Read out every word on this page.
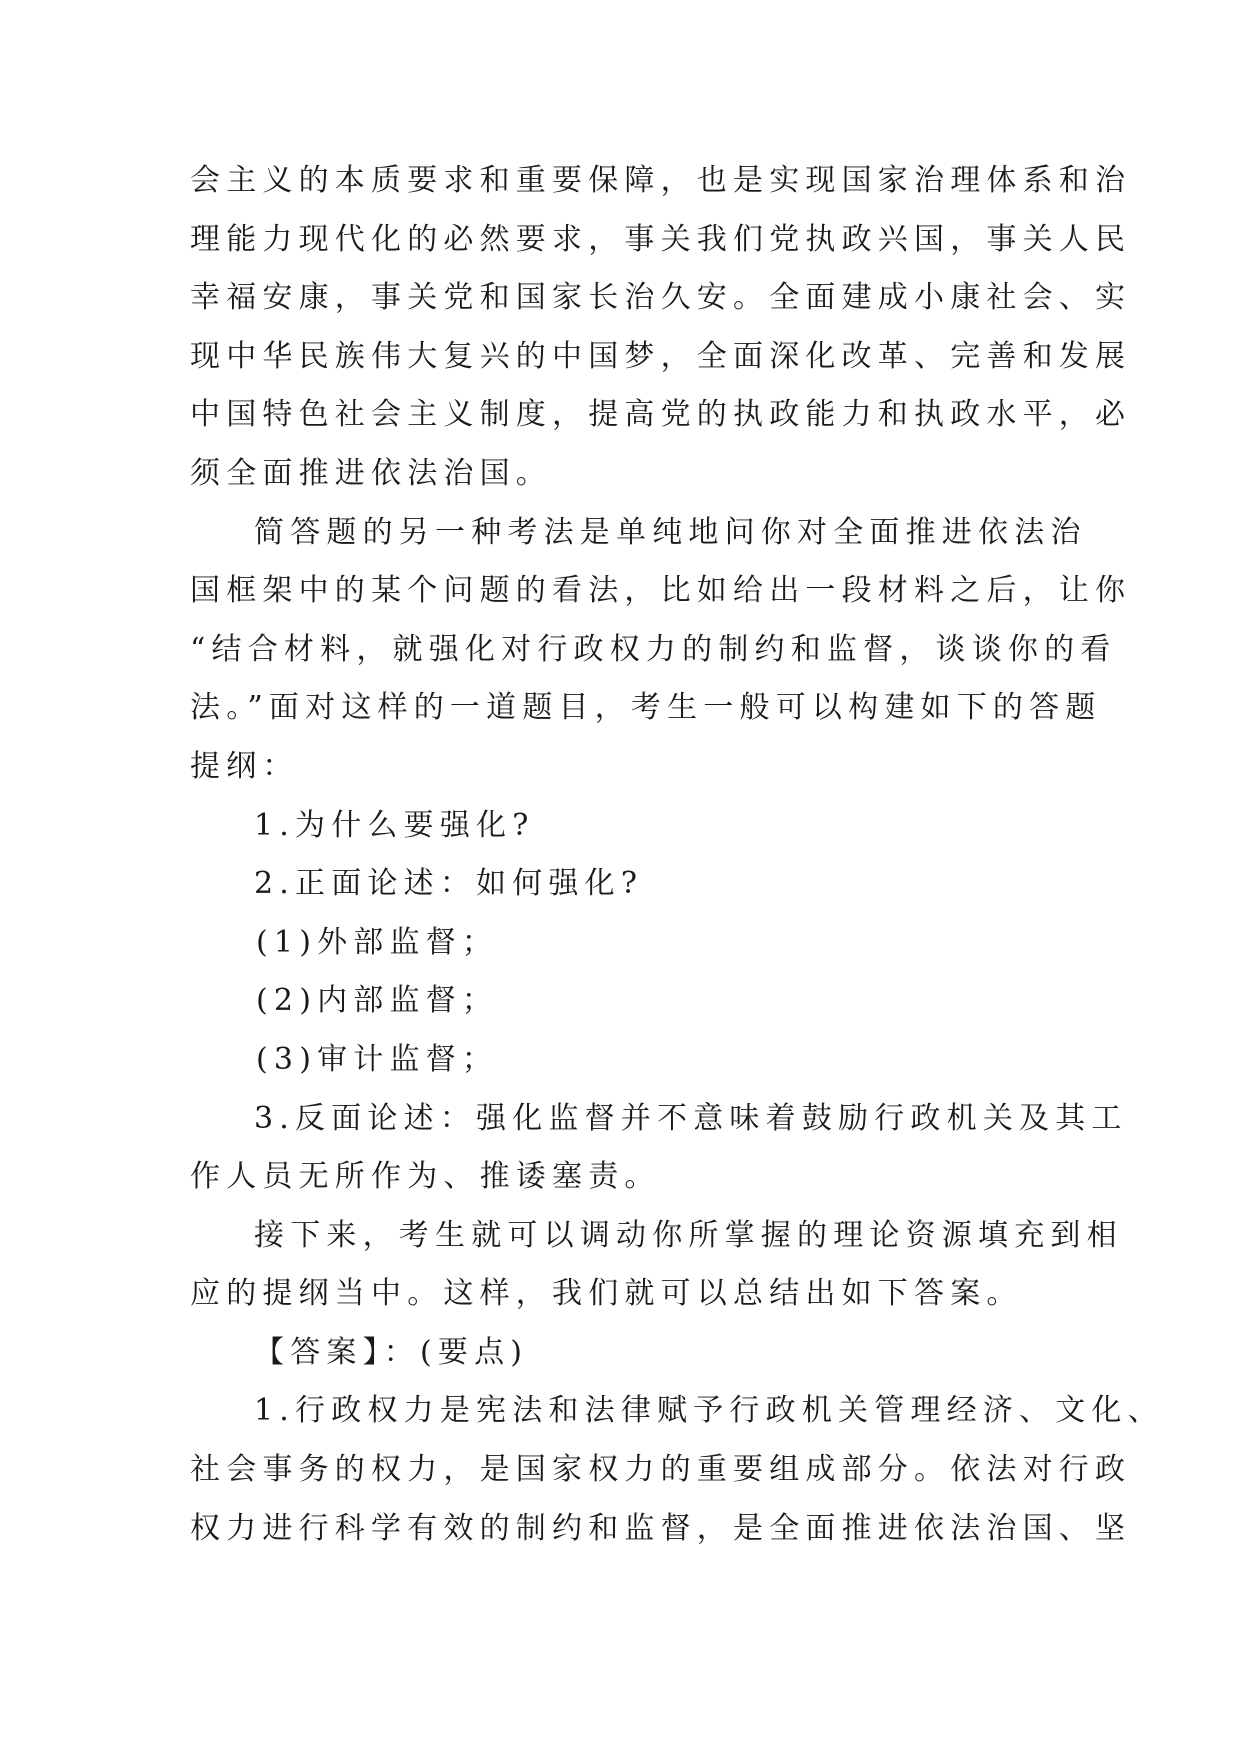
会主义的本质要求和重要保障，也是实现国家治理体系和治
理能力现代化的必然要求，事关我们党执政兴国，事关人民
幸福安康，事关党和国家长治久安。全面建成小康社会、实
现中华民族伟大复兴的中国梦，全面深化改革、完善和发展
中国特色社会主义制度，提高党的执政能力和执政水平，必
须全面推进依法治国。
简答题的另一种考法是单纯地问你对全面推进依法治
国框架中的某个问题的看法，比如给出一段材料之后，让你
“结合材料，就强化对行政权力的制约和监督，谈谈你的看
法。”面对这样的一道题目，考生一般可以构建如下的答题
提纲：
1.为什么要强化?
2.正面论述：如何强化?
(1)外部监督；
(2)内部监督；
(3)审计监督；
3.反面论述：强化监督并不意味着鼓励行政机关及其工
作人员无所作为、推诿塞责。
接下来，考生就可以调动你所掌握的理论资源填充到相
应的提纲当中。这样，我们就可以总结出如下答案。
【答案】：(要点)
1.行政权力是宪法和法律赋予行政机关管理经济、文化、
社会事务的权力，是国家权力的重要组成部分。依法对行政
权力进行科学有效的制约和监督，是全面推进依法治国、坚
